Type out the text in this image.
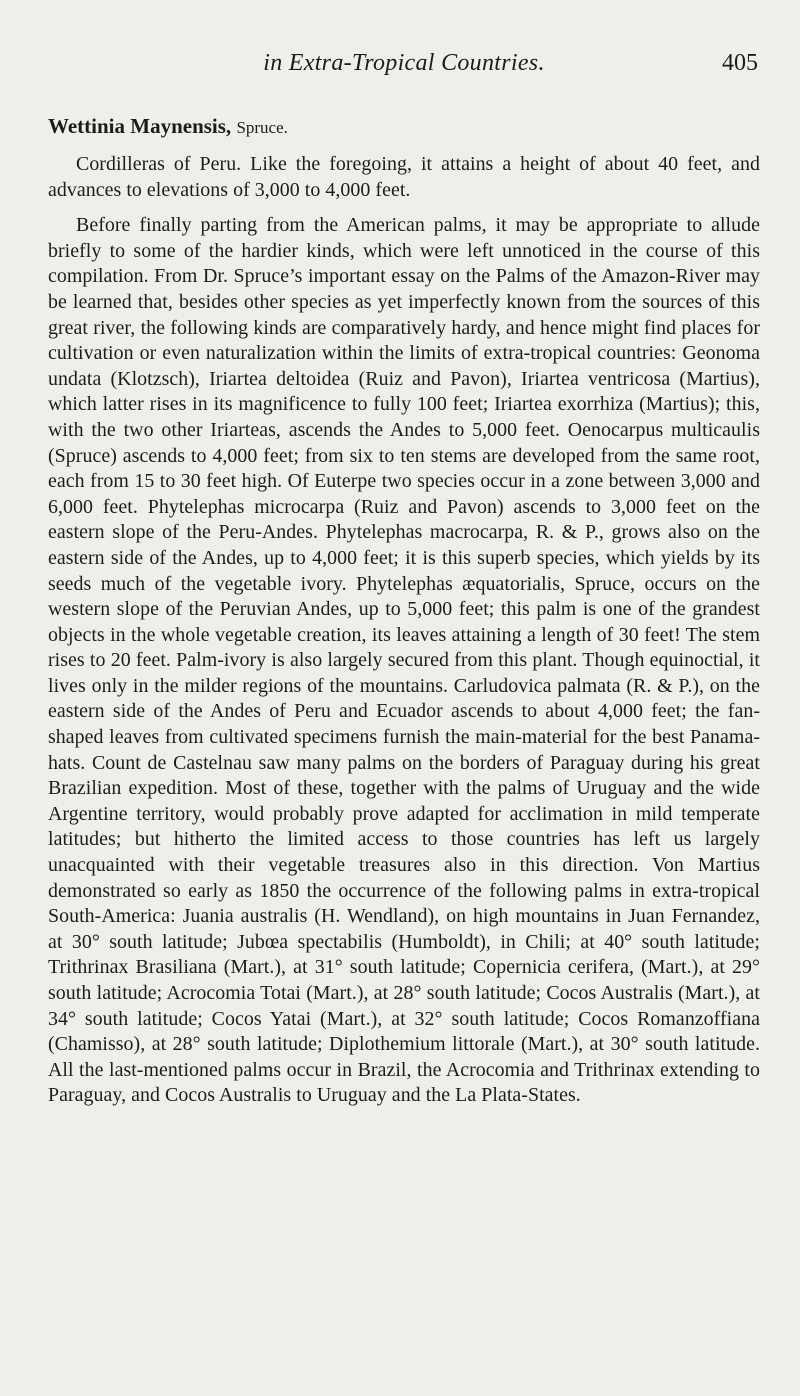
in Extra-Tropical Countries.	405
Wettinia Maynensis, Spruce.

Cordilleras of Peru. Like the foregoing, it attains a height of about 40 feet, and advances to elevations of 3,000 to 4,000 feet.

Before finally parting from the American palms, it may be appropriate to allude briefly to some of the hardier kinds, which were left unnoticed in the course of this compilation. From Dr. Spruce’s important essay on the Palms of the Amazon-River may be learned that, besides other species as yet imperfectly known from the sources of this great river, the following kinds are comparatively hardy, and hence might find places for cultivation or even naturalization within the limits of extra-tropical countries: Geonoma undata (Klotzsch), Iriartea deltoidea (Ruiz and Pavon), Iriartea ventricosa (Martius), which latter rises in its magnificence to fully 100 feet; Iriartea exorrhiza (Martius); this, with the two other Iriarteas, ascends the Andes to 5,000 feet. Oenocarpus multicaulis (Spruce) ascends to 4,000 feet; from six to ten stems are developed from the same root, each from 15 to 30 feet high. Of Euterpe two species occur in a zone between 3,000 and 6,000 feet. Phytelephas microcarpa (Ruiz and Pavon) ascends to 3,000 feet on the eastern slope of the Peru-Andes. Phytelephas macrocarpa, R. & P., grows also on the eastern side of the Andes, up to 4,000 feet; it is this superb species, which yields by its seeds much of the vegetable ivory. Phytelephas æquatorialis, Spruce, occurs on the western slope of the Peruvian Andes, up to 5,000 feet; this palm is one of the grandest objects in the whole vegetable creation, its leaves attaining a length of 30 feet! The stem rises to 20 feet. Palm-ivory is also largely secured from this plant. Though equinoctial, it lives only in the milder regions of the mountains. Carludovica palmata (R. & P.), on the eastern side of the Andes of Peru and Ecuador ascends to about 4,000 feet; the fan-shaped leaves from cultivated specimens furnish the main-material for the best Panama-hats. Count de Castelnau saw many palms on the borders of Paraguay during his great Brazilian expedition. Most of these, together with the palms of Uruguay and the wide Argentine territory, would probably prove adapted for acclimation in mild temperate latitudes; but hitherto the limited access to those countries has left us largely unacquainted with their vegetable treasures also in this direction. Von Martius demonstrated so early as 1850 the occurrence of the following palms in extra-tropical South-America: Juania australis (H. Wendland), on high mountains in Juan Fernandez, at 30° south latitude; Jubœa spectabilis (Humboldt), in Chili; at 40° south latitude; Trithrinax Brasiliana (Mart.), at 31° south latitude; Copernicia cerifera, (Mart.), at 29° south latitude; Acrocomia Totai (Mart.), at 28° south latitude; Cocos Australis (Mart.), at 34° south latitude; Cocos Yatai (Mart.), at 32° south latitude; Cocos Romanzoffiana (Chamisso), at 28° south latitude; Diplothemium littorale (Mart.), at 30° south latitude. All the last-mentioned palms occur in Brazil, the Acrocomia and Trithrinax extending to Paraguay, and Cocos Australis to Uruguay and the La Plata-States.
